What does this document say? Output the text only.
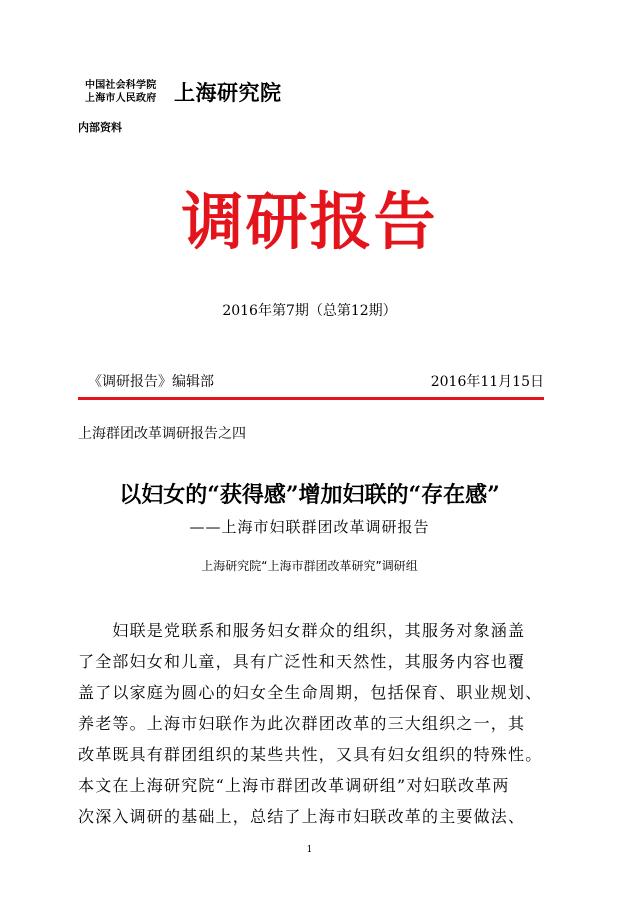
中国社会科学院
上海市人民政府 上海研究院
内部资料
调研报告
2016年第7期（总第12期）
《调研报告》编辑部	2016年11月15日
上海群团改革调研报告之四
以妇女的“获得感”增加妇联的“存在感”
——上海市妇联群团改革调研报告
上海研究院“上海市群团改革研究”调研组
　　妇联是党联系和服务妇女群众的组织，其服务对象涵盖
了全部妇女和儿童，具有广泛性和天然性，其服务内容也覆
盖了以家庭为圆心的妇女全生命周期，包括保育、职业规划、
养老等。上海市妇联作为此次群团改革的三大组织之一，其
改革既具有群团组织的某些共性，又具有妇女组织的特殊性。
本文在上海研究院“上海市群团改革调研组”对妇联改革两
次深入调研的基础上，总结了上海市妇联改革的主要做法、
1
